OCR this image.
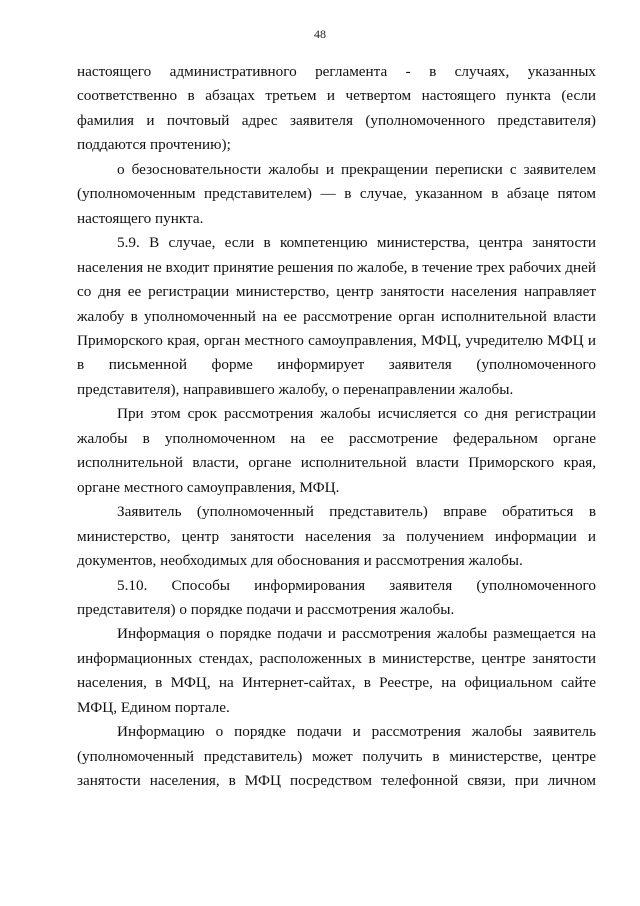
48

настоящего административного регламента - в случаях, указанных соответственно в абзацах третьем и четвертом настоящего пункта (если фамилия и почтовый адрес заявителя (уполномоченного представителя) поддаются прочтению);

о безосновательности жалобы и прекращении переписки с заявителем (уполномоченным представителем) — в случае, указанном в абзаце пятом настоящего пункта.

5.9. В случае, если в компетенцию министерства, центра занятости населения не входит принятие решения по жалобе, в течение трех рабочих дней со дня ее регистрации министерство, центр занятости населения направляет жалобу в уполномоченный на ее рассмотрение орган исполнительной власти Приморского края, орган местного самоуправления, МФЦ, учредителю МФЦ и в письменной форме информирует заявителя (уполномоченного представителя), направившего жалобу, о перенаправлении жалобы.

При этом срок рассмотрения жалобы исчисляется со дня регистрации жалобы в уполномоченном на ее рассмотрение федеральном органе исполнительной власти, органе исполнительной власти Приморского края, органе местного самоуправления, МФЦ.

Заявитель (уполномоченный представитель) вправе обратиться в министерство, центр занятости населения за получением информации и документов, необходимых для обоснования и рассмотрения жалобы.

5.10. Способы информирования заявителя (уполномоченного представителя) о порядке подачи и рассмотрения жалобы.

Информация о порядке подачи и рассмотрения жалобы размещается на информационных стендах, расположенных в министерстве, центре занятости населения, в МФЦ, на Интернет-сайтах, в Реестре, на официальном сайте МФЦ, Едином портале.

Информацию о порядке подачи и рассмотрения жалобы заявитель (уполномоченный представитель) может получить в министерстве, центре занятости населения, в МФЦ посредством телефонной связи, при личном
